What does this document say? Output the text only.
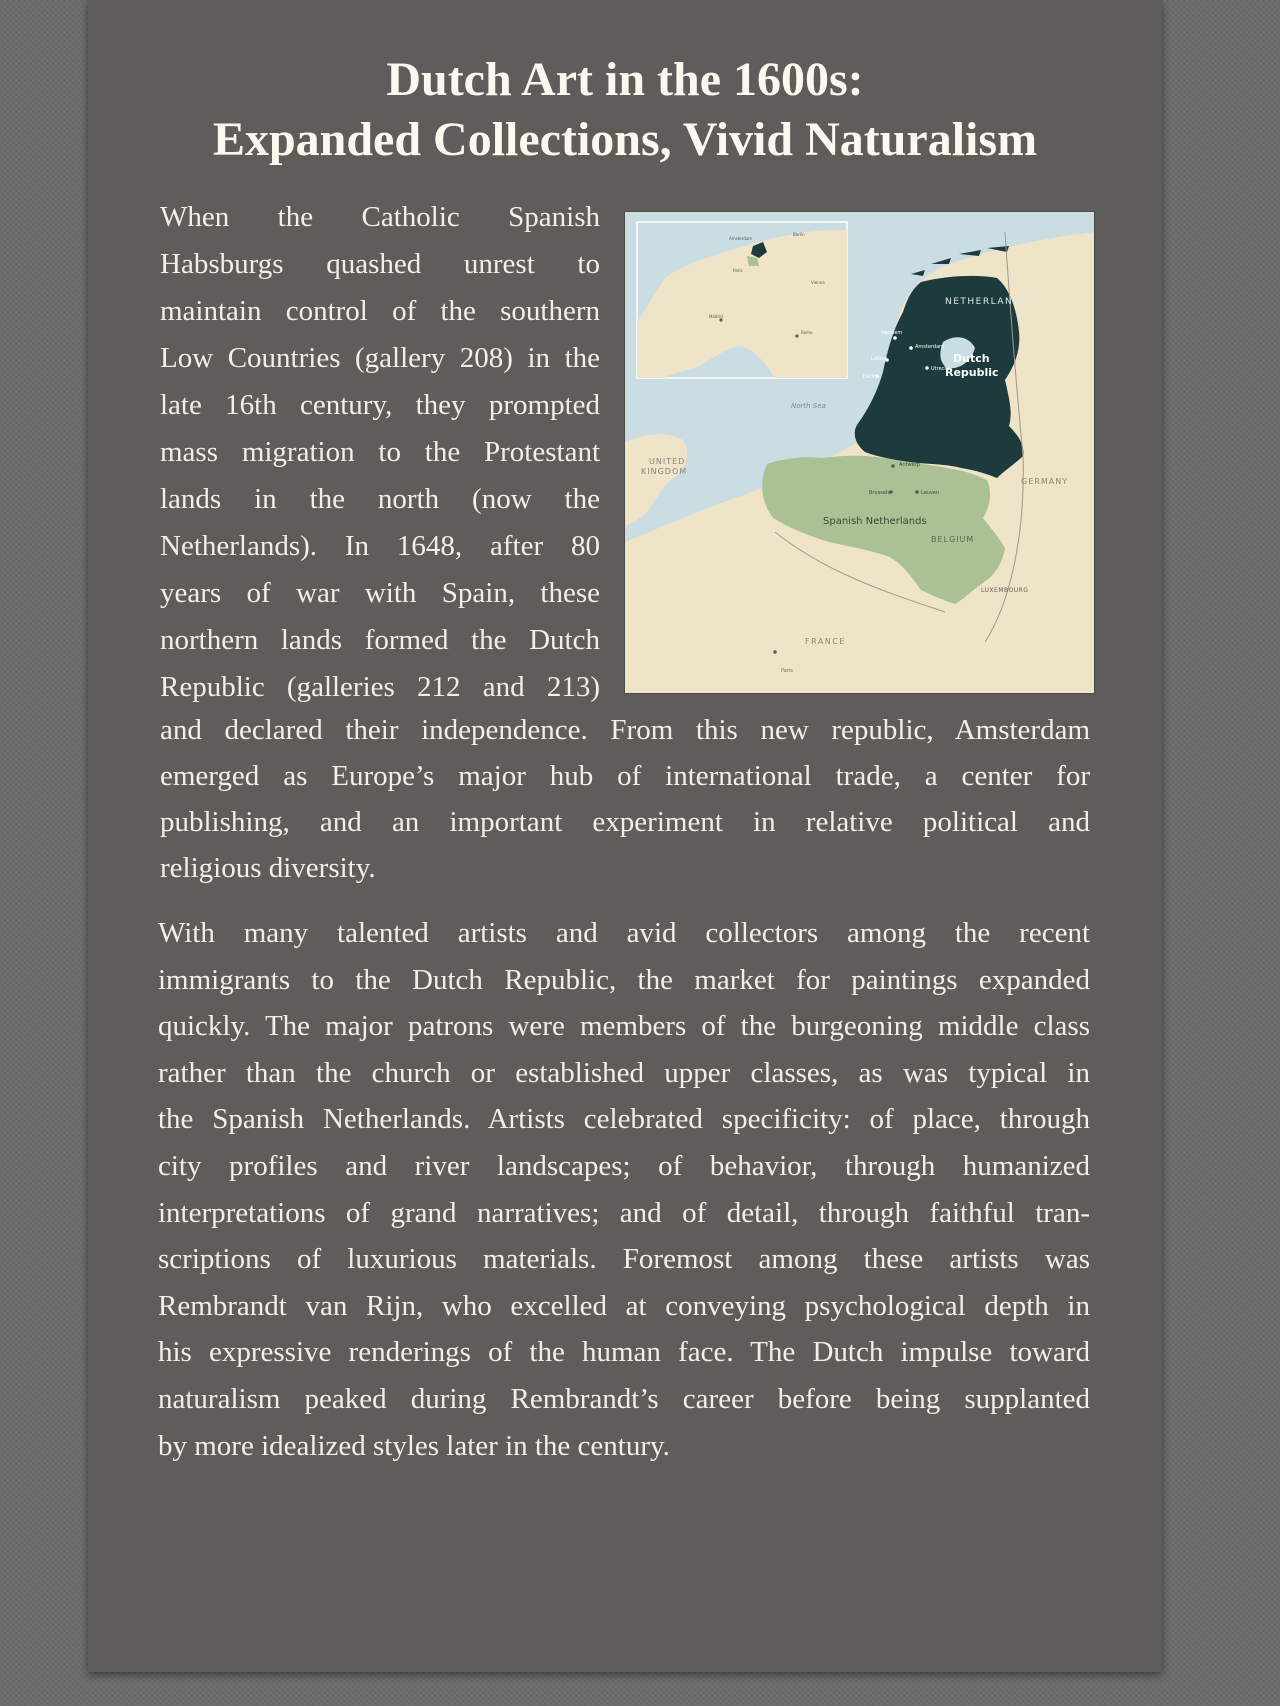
Dutch Art in the 1600s:
Expanded Collections, Vivid Naturalism
When the Catholic Spanish
Habsburgs quashed unrest to
maintain control of the southern
Low Countries (gallery 208) in the
late 16th century, they prompted
mass migration to the Protestant
lands in the north (now the
Netherlands). In 1648, after 80
years of war with Spain, these
northern lands formed the Dutch
Republic (galleries 212 and 213)
and declared their independence. From this new republic, Amsterdam
emerged as Europe’s major hub of international trade, a center for
publishing, and an important experiment in relative political and
religious diversity.
With many talented artists and avid collectors among the recent
immigrants to the Dutch Republic, the market for paintings expanded
quickly. The major patrons were members of the burgeoning middle class
rather than the church or established upper classes, as was typical in
the Spanish Netherlands. Artists celebrated specificity: of place, through
city profiles and river landscapes; of behavior, through humanized
interpretations of grand narratives; and of detail, through faithful tran-
scriptions of luxurious materials. Foremost among these artists was
Rembrandt van Rijn, who excelled at conveying psychological depth in
his expressive renderings of the human face. The Dutch impulse toward
naturalism peaked during Rembrandt’s career before being supplanted
by more idealized styles later in the century.
NETHERLANDS
Dutch
Republic
North Sea
UNITED
KINGDOM
GERMANY
Spanish Netherlands
BELGIUM
LUXEMBOURG
FRANCE
Paris
Haarlem
Amsterdam
Leiden
Utrecht
Delft
Antwerp
Brussels	Leuven
Amsterdam
Berlin
Paris
Madrid
Rome
Vienna
